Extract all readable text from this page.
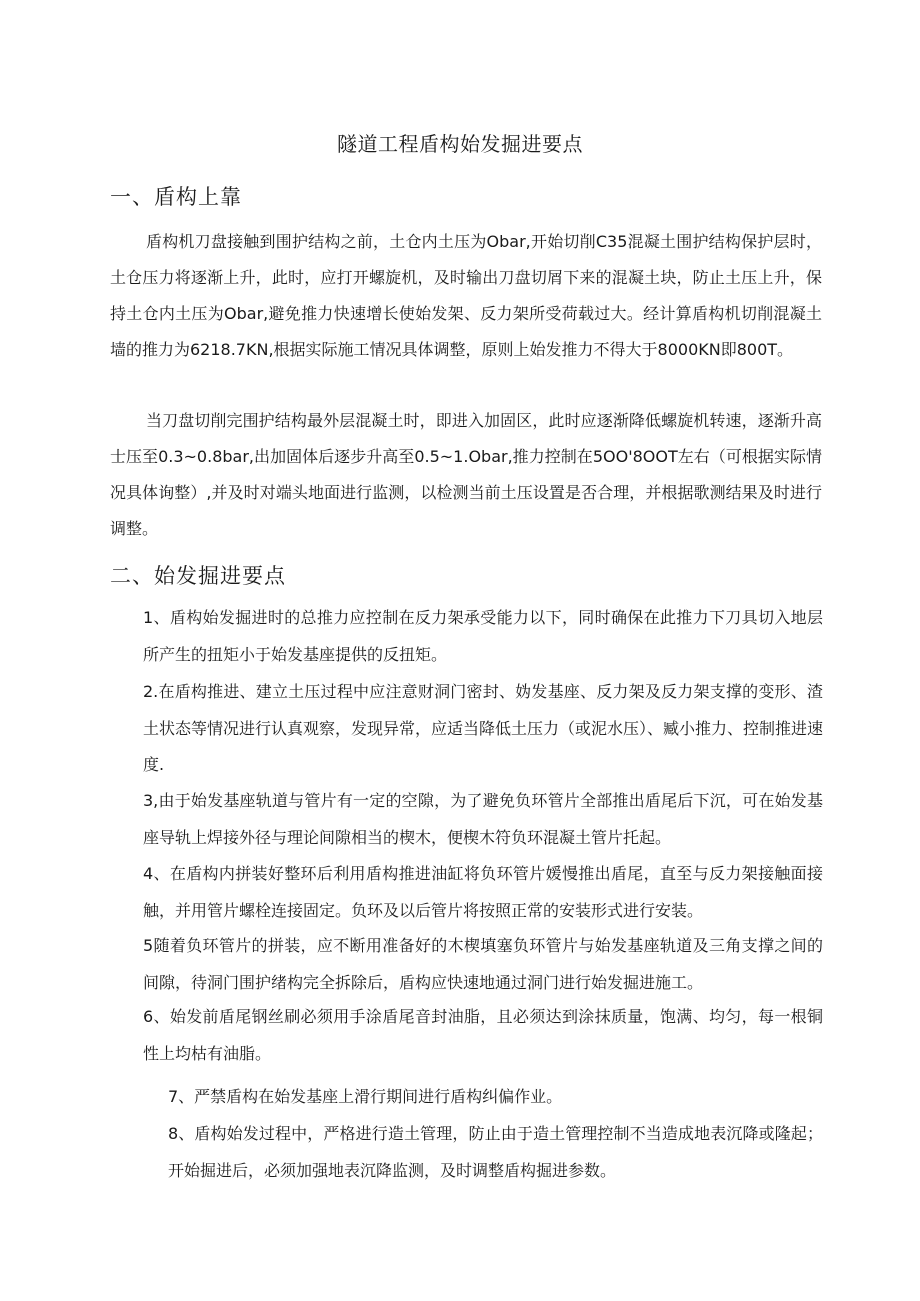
隧道工程盾构始发掘进要点
一、盾构上靠
盾构机刀盘接触到围护结构之前，土仓内土压为Obar,开始切削C35混凝土围护结构保护层时，土仓压力将逐渐上升，此时，应打开螺旋机，及时输出刀盘切屑下来的混凝土块，防止土压上升，保持土仓内土压为Obar,避免推力快速增长使始发架、反力架所受荷载过大。经计算盾构机切削混凝土墙的推力为6218.7KN,根据实际施工情况具体调整，原则上始发推力不得大于8000KN即800T。
当刀盘切削完围护结构最外层混凝土时，即进入加固区，此时应逐渐降低螺旋机转速，逐渐升高士压至0.3~0.8bar,出加固体后逐步升高至0.5~1.Obar,推力控制在5OO'8OOT左右（可根据实际情况具体询整）,并及时对端头地面进行监测，以检测当前土压设置是否合理，并根据歌测结果及时进行调整。
二、始发掘进要点
1、盾构始发掘进时的总推力应控制在反力架承受能力以下，同时确保在此推力下刀具切入地层所产生的扭矩小于始发基座提供的反扭矩。
2.在盾构推进、建立土压过程中应注意财洞门密封、妫发基座、反力架及反力架支撑的变形、渣土状态等情况进行认真观察，发现异常，应适当降低土压力（或泥水压）、臧小推力、控制推进速度.
3,由于始发基座轨道与管片有一定的空隙，为了避免负环管片全部推出盾尾后下沉，可在始发基座导轨上焊接外径与理论间隙相当的楔木，便楔木符负环混凝土管片托起。
4、在盾构内拼装好整环后利用盾构推进油缸将负环管片媛慢推出盾尾，直至与反力架接触面接触，并用管片螺栓连接固定。负环及以后管片将按照正常的安装形式进行安装。
5随着负环管片的拼装，应不断用准备好的木楔填塞负环管片与始发基座轨道及三角支撑之间的间隙，待洞门围护绪构完全拆除后，盾构应快速地通过洞门进行始发掘进施工。
6、始发前盾尾钢丝刷必须用手涂盾尾音封油脂，且必须达到涂抹质量，饱满、均匀，每一根铜性上均枯有油脂。
7、严禁盾构在始发基座上滑行期间进行盾构纠偏作业。
8、盾构始发过程中，严格进行造土管理，防止由于造土管理控制不当造成地表沉降或隆起；开始掘进后，必须加强地表沉降监测，及时调整盾构掘进参数。
